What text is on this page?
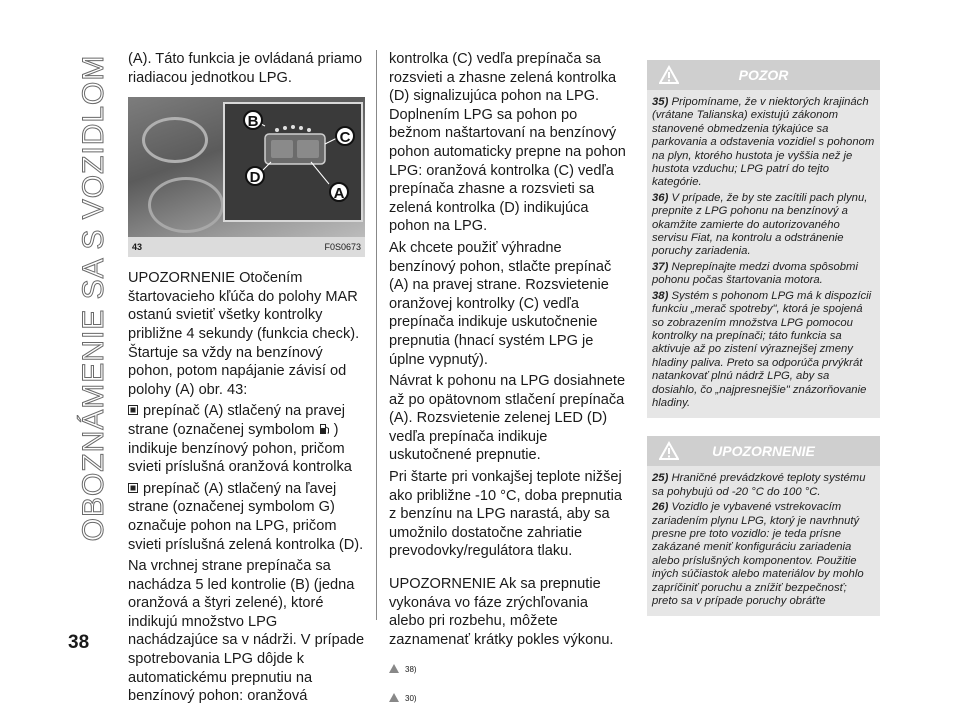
OBOZNÁMENIE SA S VOZIDLOM (A). Táto funkcia je ovládaná priamo riadiacou jednotkou LPG.

B
C
D
A
43	F0S0673

UPOZORNENIE Otočením štartovacieho kľúča do polohy MAR ostanú svietiť všetky kontrolky približne 4 sekundy (funkcia check). Štartuje sa vždy na benzínový pohon, potom napájanie závisí od polohy (A) obr. 43:

prepínač (A) stlačený na pravej strane (označenej symbolom ) indikuje benzínový pohon, pričom svieti príslušná oranžová kontrolka

prepínač (A) stlačený na ľavej strane (označenej symbolom G) označuje pohon na LPG, pričom svieti príslušná zelená kontrolka (D).

Na vrchnej strane prepínača sa nachádza 5 led kontrolie (B) (jedna oranžová a štyri zelené), ktoré indikujú množstvo LPG nachádzajúce sa v nádrži. V prípade spotrebovania LPG dôjde k automatickému prepnutiu na benzínový pohon: oranžová

kontrolka (C) vedľa prepínača sa rozsvieti a zhasne zelená kontrolka (D) signalizujúca pohon na LPG. Doplnením LPG sa pohon po bežnom naštartovaní na benzínový pohon automaticky prepne na pohon LPG: oranžová kontrolka (C) vedľa prepínača zhasne a rozsvieti sa zelená kontrolka (D) indikujúca pohon na LPG.

Ak chcete použiť výhradne benzínový pohon, stlačte prepínač (A) na pravej strane. Rozsvietenie oranžovej kontrolky (C) vedľa prepínača indikuje uskutočnenie prepnutia (hnací systém LPG je úplne vypnutý).

Návrat k pohonu na LPG dosiahnete až po opätovnom stlačení prepínača (A). Rozsvietenie zelenej LED (D) vedľa prepínača indikuje uskutočnené prepnutie.

Pri štarte pri vonkajšej teplote nižšej ako približne -10 °C, doba prepnutia z benzínu na LPG narastá, aby sa umožnilo dostatočne zahriatie prevodovky/regulátora tlaku.

UPOZORNENIE Ak sa prepnutie vykonáva vo fáze zrýchľovania alebo pri rozbehu, môžete zaznamenať krátky pokles výkonu.

38)
30)
POZOR

35) Pripomíname, že v niektorých krajinách (vrátane Talianska) existujú zákonom stanovené obmedzenia týkajúce sa parkovania a odstavenia vozidiel s pohonom na plyn, ktorého hustota je vyššia než je hustota vzduchu; LPG patrí do tejto kategórie.

36) V prípade, že by ste zacítili pach plynu, prepnite z LPG pohonu na benzínový a okamžite zamierte do autorizovaného servisu Fiat, na kontrolu a odstránenie poruchy zariadenia.

37) Neprepínajte medzi dvoma spôsobmi pohonu počas štartovania motora.

38) Systém s pohonom LPG má k dispozícii funkciu „merač spotreby", ktorá je spojená so zobrazením množstva LPG pomocou kontrolky na prepínači; táto funkcia sa aktivuje až po zistení výraznejšej zmeny hladiny paliva. Preto sa odporúča prvýkrát natankovať plnú nádrž LPG, aby sa dosiahlo, čo „najpresnejšie" znázorňovanie hladiny.

UPOZORNENIE

25) Hraničné prevádzkové teploty systému sa pohybujú od -20 °C do 100 °C.

26) Vozidlo je vybavené vstrekovacím zariadením plynu LPG, ktorý je navrhnutý presne pre toto vozidlo: je teda prísne zakázané meniť konfiguráciu zariadenia alebo príslušných komponentov. Použitie iných súčiastok alebo materiálov by mohlo zapríčiniť poruchu a znížiť bezpečnosť; preto sa v prípade poruchy obráťte

38
